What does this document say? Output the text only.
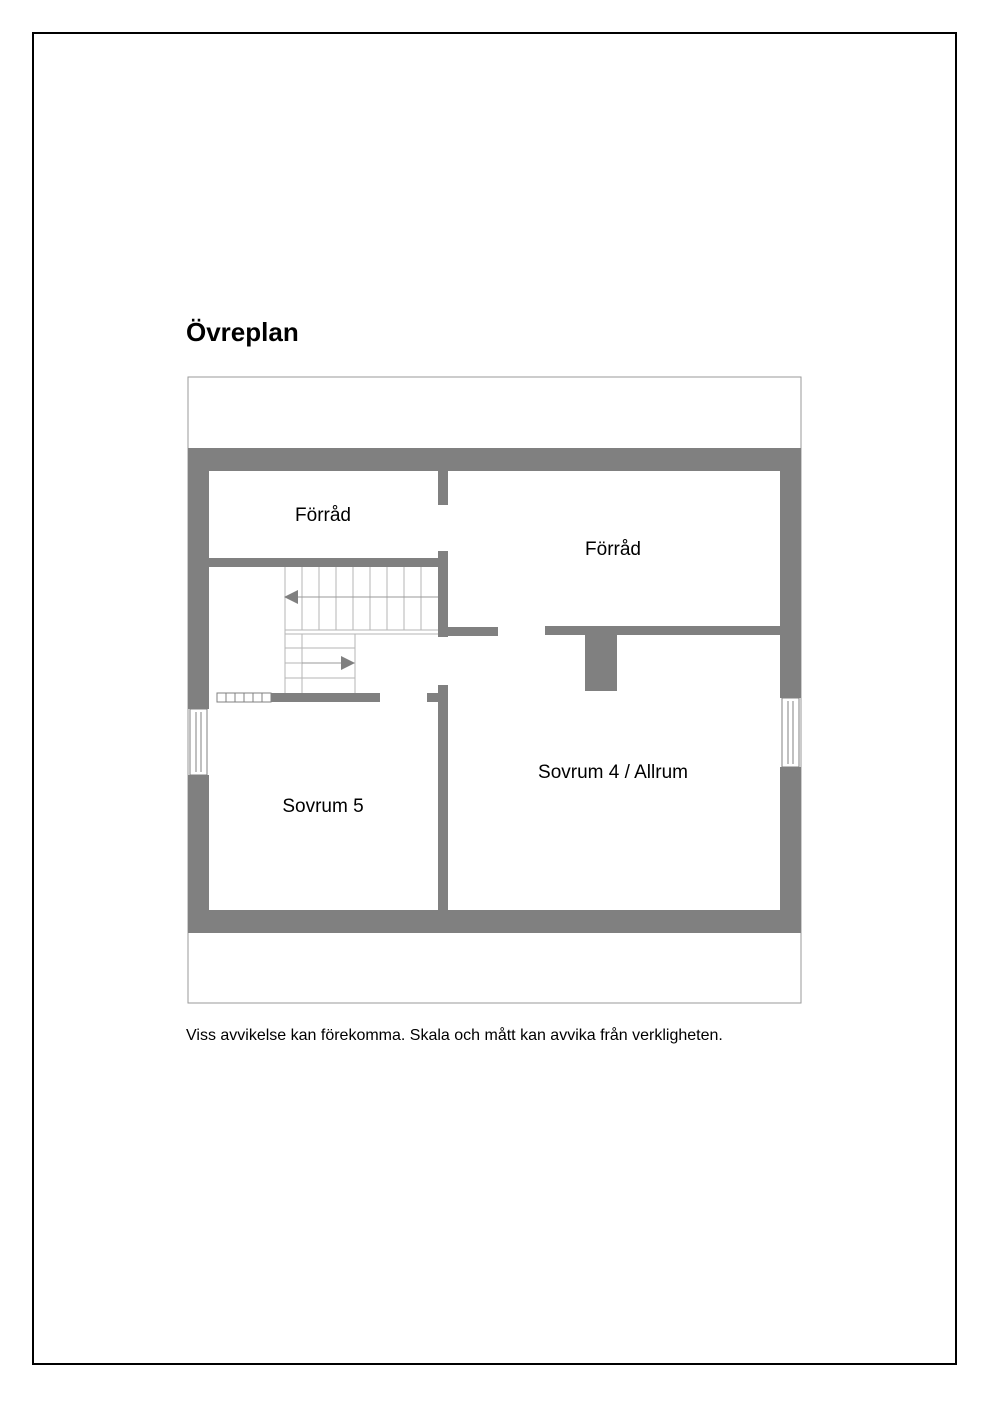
Övreplan
Förråd
Förråd
Sovrum 4 / Allrum
Sovrum 5
Viss avvikelse kan förekomma. Skala och mått kan avvika från verkligheten.
